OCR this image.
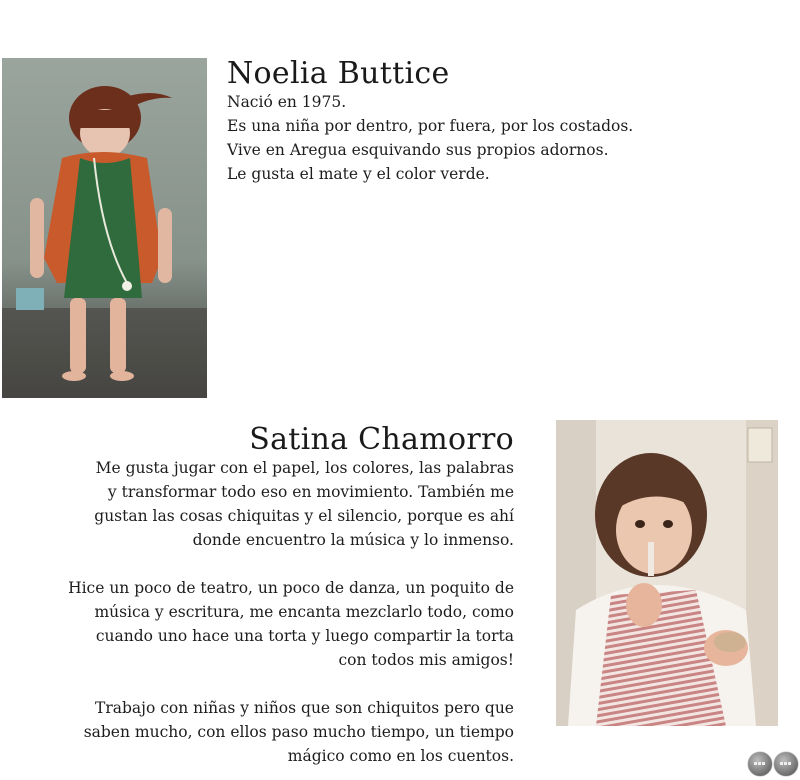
Noelia Buttice
Nació en 1975.
Es una niña por dentro, por fuera, por los costados.
Vive en Aregua esquivando sus propios adornos.
Le gusta el mate y el color verde.
Satina Chamorro
Me gusta jugar con el papel, los colores, las palabras
y transformar todo eso en movimiento. También me
gustan las cosas chiquitas y el silencio, porque es ahí
donde encuentro la música y lo inmenso.
Hice un poco de teatro, un poco de danza, un poquito de
música y escritura, me encanta mezclarlo todo, como
cuando uno hace una torta y luego compartir la torta
con todos mis amigos!
Trabajo con niñas y niños que son chiquitos pero que
saben mucho, con ellos paso mucho tiempo, un tiempo
mágico como en los cuentos.
